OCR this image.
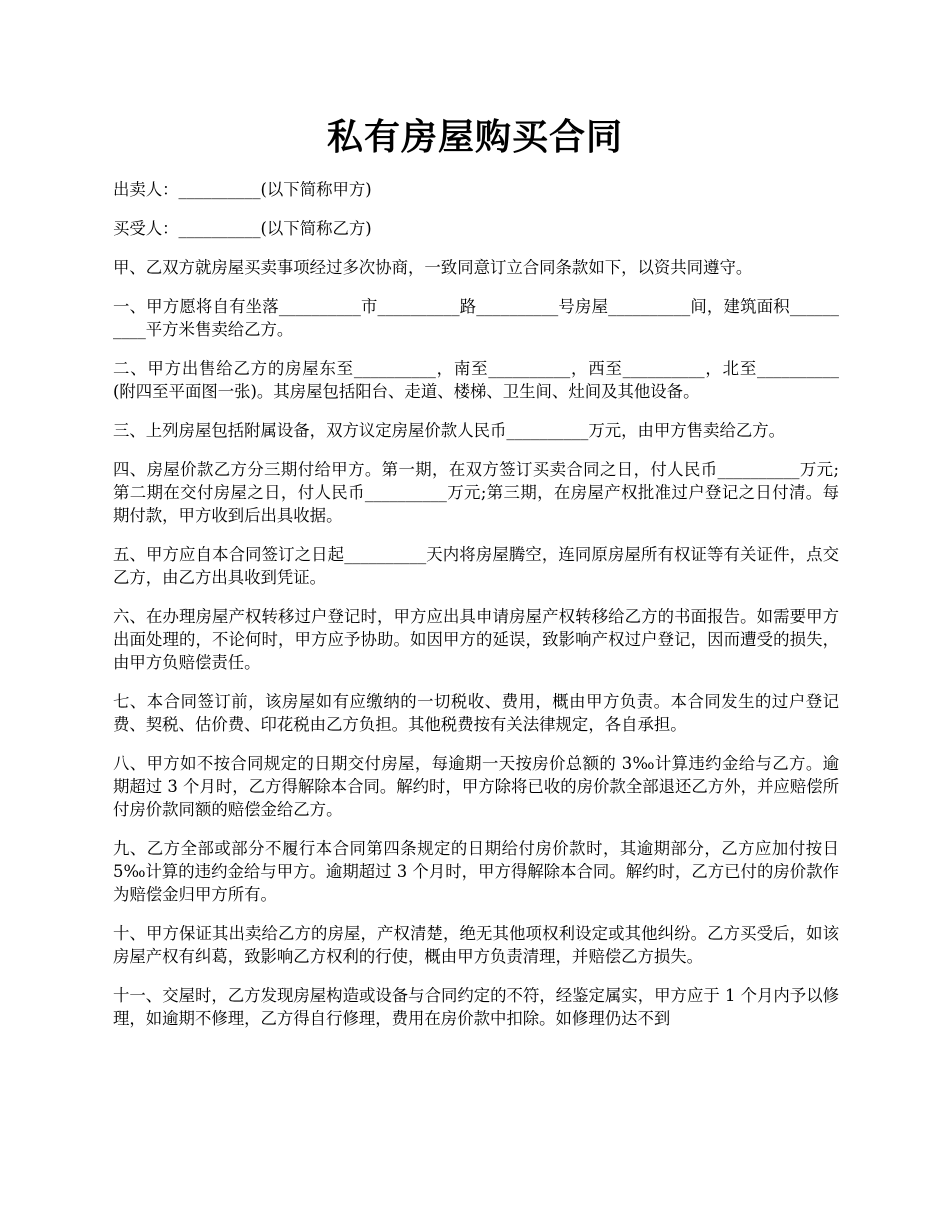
私有房屋购买合同

出卖人：__________(以下简称甲方)

买受人：__________(以下简称乙方)

甲、乙双方就房屋买卖事项经过多次协商，一致同意订立合同条款如下，以资共同遵守。

一、甲方愿将自有坐落__________市__________路__________号房屋__________间，建筑面积__________平方米售卖给乙方。

二、甲方出售给乙方的房屋东至__________，南至__________，西至__________，北至__________(附四至平面图一张)。其房屋包括阳台、走道、楼梯、卫生间、灶间及其他设备。

三、上列房屋包括附属设备，双方议定房屋价款人民币__________万元，由甲方售卖给乙方。

四、房屋价款乙方分三期付给甲方。第一期，在双方签订买卖合同之日，付人民币__________万元;第二期在交付房屋之日，付人民币__________万元;第三期，在房屋产权批准过户登记之日付清。每期付款，甲方收到后出具收据。

五、甲方应自本合同签订之日起__________天内将房屋腾空，连同原房屋所有权证等有关证件，点交乙方，由乙方出具收到凭证。

六、在办理房屋产权转移过户登记时，甲方应出具申请房屋产权转移给乙方的书面报告。如需要甲方出面处理的，不论何时，甲方应予协助。如因甲方的延误，致影响产权过户登记，因而遭受的损失，由甲方负赔偿责任。

七、本合同签订前，该房屋如有应缴纳的一切税收、费用，概由甲方负责。本合同发生的过户登记费、契税、估价费、印花税由乙方负担。其他税费按有关法律规定，各自承担。

八、甲方如不按合同规定的日期交付房屋，每逾期一天按房价总额的 3‰计算违约金给与乙方。逾期超过 3 个月时，乙方得解除本合同。解约时，甲方除将已收的房价款全部退还乙方外，并应赔偿所付房价款同额的赔偿金给乙方。

九、乙方全部或部分不履行本合同第四条规定的日期给付房价款时，其逾期部分，乙方应加付按日 5‰计算的违约金给与甲方。逾期超过 3 个月时，甲方得解除本合同。解约时，乙方已付的房价款作为赔偿金归甲方所有。

十、甲方保证其出卖给乙方的房屋，产权清楚，绝无其他项权利设定或其他纠纷。乙方买受后，如该房屋产权有纠葛，致影响乙方权利的行使，概由甲方负责清理，并赔偿乙方损失。

十一、交屋时，乙方发现房屋构造或设备与合同约定的不符，经鉴定属实，甲方应于 1 个月内予以修理，如逾期不修理，乙方得自行修理，费用在房价款中扣除。如修理仍达不到
